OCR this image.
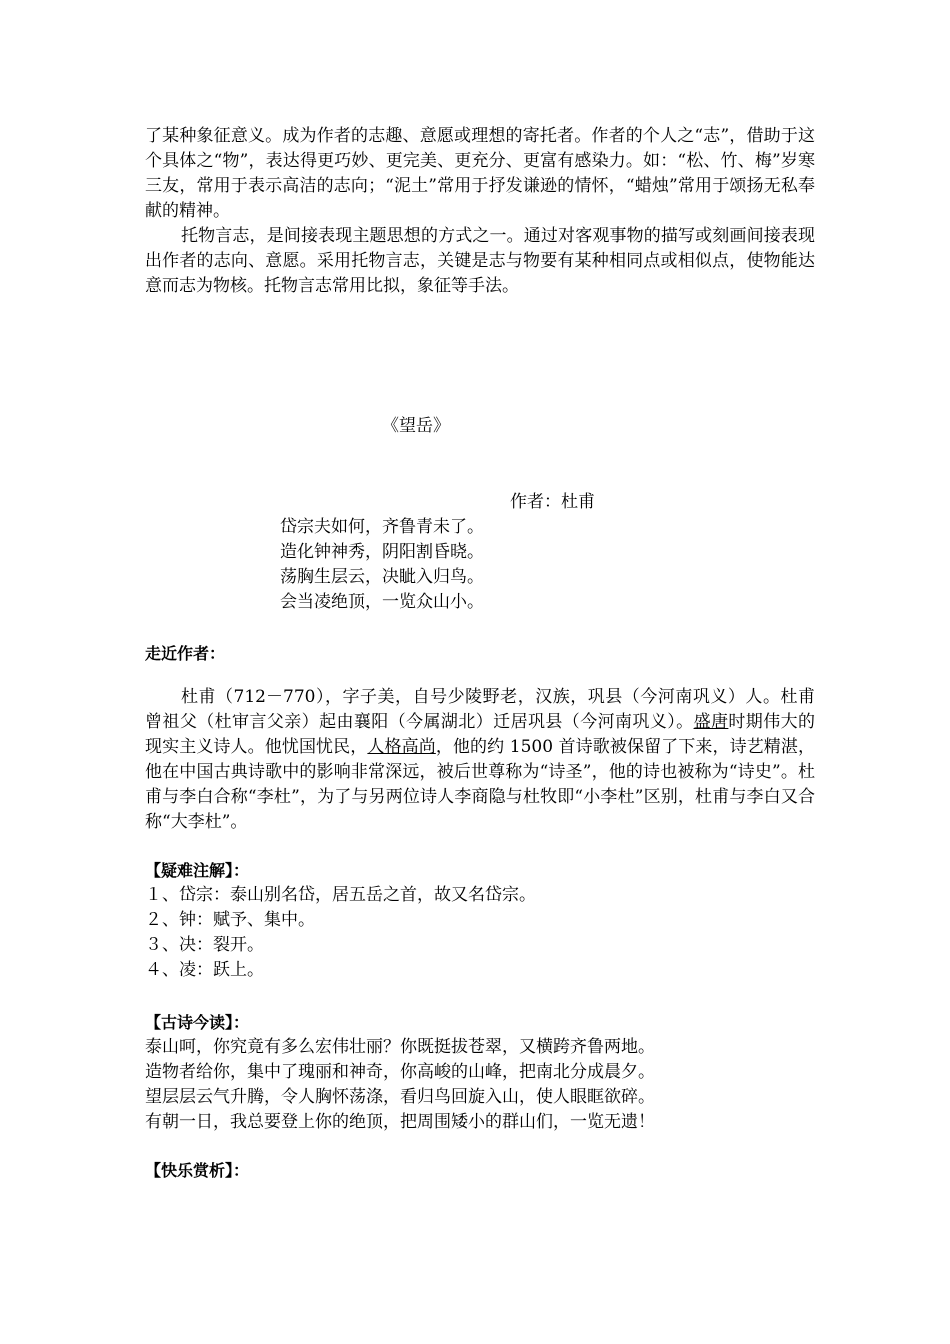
了某种象征意义。成为作者的志趣、意愿或理想的寄托者。作者的个人之“志”，借助于这个具体之“物”，表达得更巧妙、更完美、更充分、更富有感染力。如：“松、竹、梅”岁寒三友，常用于表示高洁的志向；“泥土”常用于抒发谦逊的情怀，“蜡烛”常用于颂扬无私奉献的精神。

托物言志，是间接表现主题思想的方式之一。通过对客观事物的描写或刻画间接表现出作者的志向、意愿。采用托物言志，关键是志与物要有某种相同点或相似点，使物能达意而志为物核。托物言志常用比拟，象征等手法。

《望岳》
作者：杜甫
岱宗夫如何，齐鲁青未了。
造化钟神秀，阴阳割昏晓。
荡胸生层云，决眦入归鸟。
会当凌绝顶，一览众山小。
走近作者：

杜甫（712－770），字子美，自号少陵野老，汉族，巩县（今河南巩义）人。杜甫曾祖父（杜审言父亲）起由襄阳（今属湖北）迁居巩县（今河南巩义）。盛唐时期伟大的现实主义诗人。他忧国忧民，人格高尚，他的约 1500 首诗歌被保留了下来，诗艺精湛，他在中国古典诗歌中的影响非常深远，被后世尊称为“诗圣”，他的诗也被称为“诗史”。杜甫与李白合称“李杜”，为了与另两位诗人李商隐与杜牧即“小李杜”区别，杜甫与李白又合称“大李杜”。

【疑难注解】：
１、岱宗：泰山别名岱，居五岳之首，故又名岱宗。
２、钟：赋予、集中。
３、决：裂开。
４、凌：跃上。
【古诗今读】：
泰山呵，你究竟有多么宏伟壮丽？你既挺拔苍翠，又横跨齐鲁两地。
造物者给你，集中了瑰丽和神奇，你高峻的山峰，把南北分成晨夕。
望层层云气升腾，令人胸怀荡涤，看归鸟回旋入山，使人眼眶欲碎。
有朝一日，我总要登上你的绝顶，把周围矮小的群山们，一览无遗！
【快乐赏析】：
